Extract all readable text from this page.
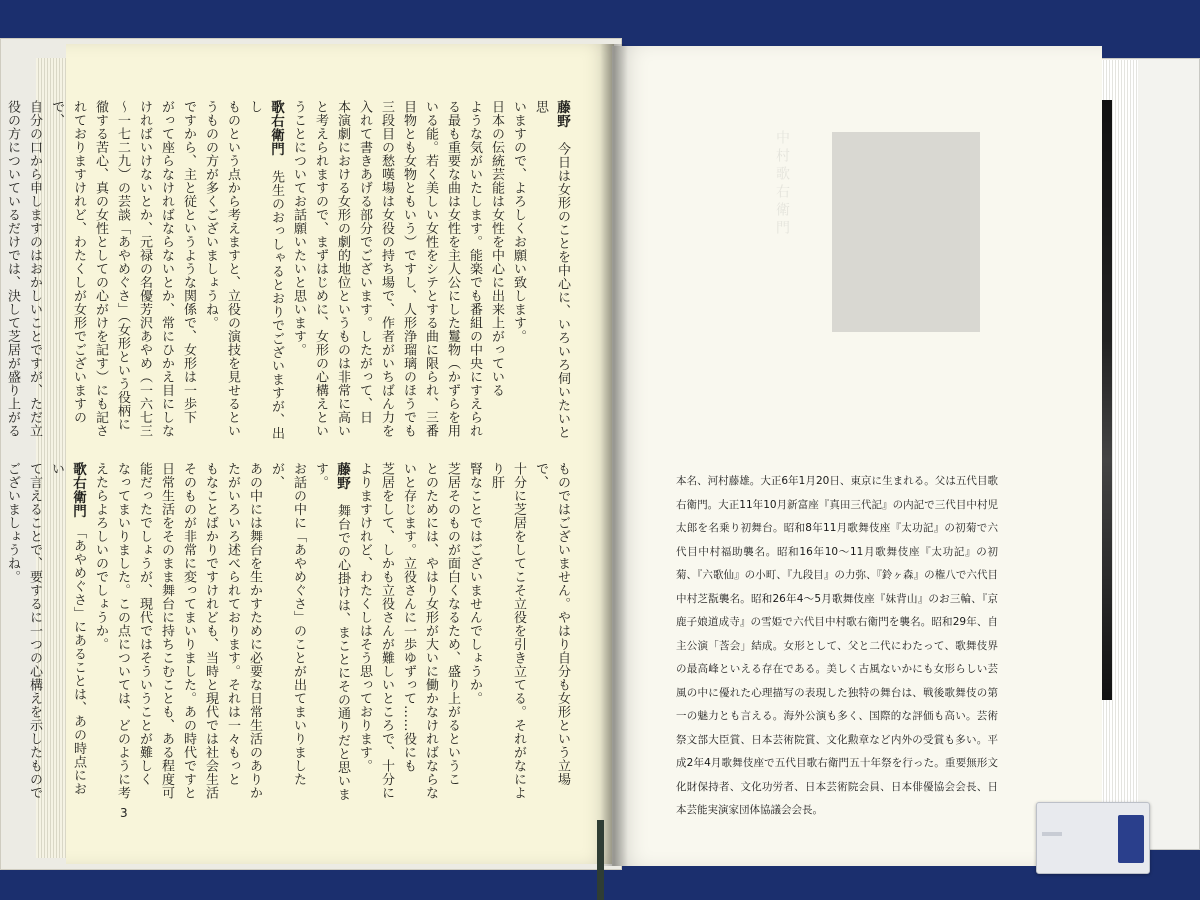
藤野　今日は女形のことを中心に、いろいろ伺いたいと思
いますので、よろしくお願い致します。
日本の伝統芸能は女性を中心に出来上がっている
ような気がいたします。能楽でも番組の中央にすえられ
る最も重要な曲は女性を主人公にした鬘物（かずらを用
いる能。若く美しい女性をシテとする曲に限られ、三番
目物とも女物ともいう）ですし、人形浄瑠璃のほうでも
三段目の愁嘆場は女役の持ち場で、作者がいちばん力を
入れて書きあげる部分でございます。したがって、日
本演劇における女形の劇的地位というものは非常に高い
と考えられますので、まずはじめに、女形の心構えとい
うことについてお話願いたいと思います。
歌右衛門　先生のおっしゃるとおりでございますが、出し
ものという点から考えますと、立役の演技を見せるとい
うものの方が多くございましょうね。
ですから、主と従というような関係で、女形は一歩下
がって座らなければならないとか、常にひかえ目にしな
ければいけないとか、元禄の名優芳沢あやめ（一六七三
～一七二九）の芸談「あやめぐさ」（女形という役柄に
徹する苦心、真の女性としての心がけを記す）にも記さ
れておりますけれど、わたくしが女形でございますので、
自分の口から申しますのはおかしいことですが、ただ立
役の方についているだけでは、決して芝居が盛り上がる
ものではございません。やはり自分も女形という立場で、
十分に芝居をしてこそ立役を引き立てる。それがなにより肝
腎なことではございませんでしょうか。
芝居そのものが面白くなるため、盛り上がるというこ
とのためには、やはり女形が大いに働かなければならな
いと存じます。立役さんに一歩ゆずって……役にも
芝居をして、しかも立役さんが難しいところで、十分に
よりますけれど、わたくしはそう思っております。
藤野　舞台での心掛けは、まことにその通りだと思います。
お話の中に「あやめぐさ」のことが出てまいりましたが、
あの中には舞台を生かすために必要な日常生活のありか
たがいろいろ述べられております。それは一々もっと
もなことばかりですけれども、当時と現代では社会生活
そのものが非常に変ってまいりました。あの時代ですと
日常生活をそのまま舞台に持ちこむことも、ある程度可
能だったでしょうが、現代ではそういうことが難しく
なってまいりました。この点については、どのように考
えたらよろしいのでしょうか。
歌右衛門　「あやめぐさ」にあることは、あの時点におい
て言えることで、要するに一つの心構えを示したもので
ございましょうね。
3
中村歌右衛門
本名、河村藤雄。大正6年1月20日、東京に生まれる。父は五代目歌右衛門。大正11年10月新富座『真田三代記』の内記で三代目中村児太郎を名乗り初舞台。昭和8年11月歌舞伎座『太功記』の初菊で六代目中村福助襲名。昭和16年10～11月歌舞伎座『太功記』の初菊、『六歌仙』の小町、『九段目』の力弥、『鈴ヶ森』の権八で六代目中村芝翫襲名。昭和26年4～5月歌舞伎座『妹背山』のお三輪、『京鹿子娘道成寺』の雪姫で六代目中村歌右衛門を襲名。昭和29年、自主公演「莟会」結成。女形として、父と二代にわたって、歌舞伎界の最高峰といえる存在である。美しく古風ないかにも女形らしい芸風の中に優れた心理描写の表現した独特の舞台は、戦後歌舞伎の第一の魅力とも言える。海外公演も多く、国際的な評価も高い。芸術祭文部大臣賞、日本芸術院賞、文化勲章など内外の受賞も多い。平成2年4月歌舞伎座で五代目歌右衛門五十年祭を行った。重要無形文化財保持者、文化功労者、日本芸術院会員、日本俳優協会会長、日本芸能実演家団体協議会会長。
